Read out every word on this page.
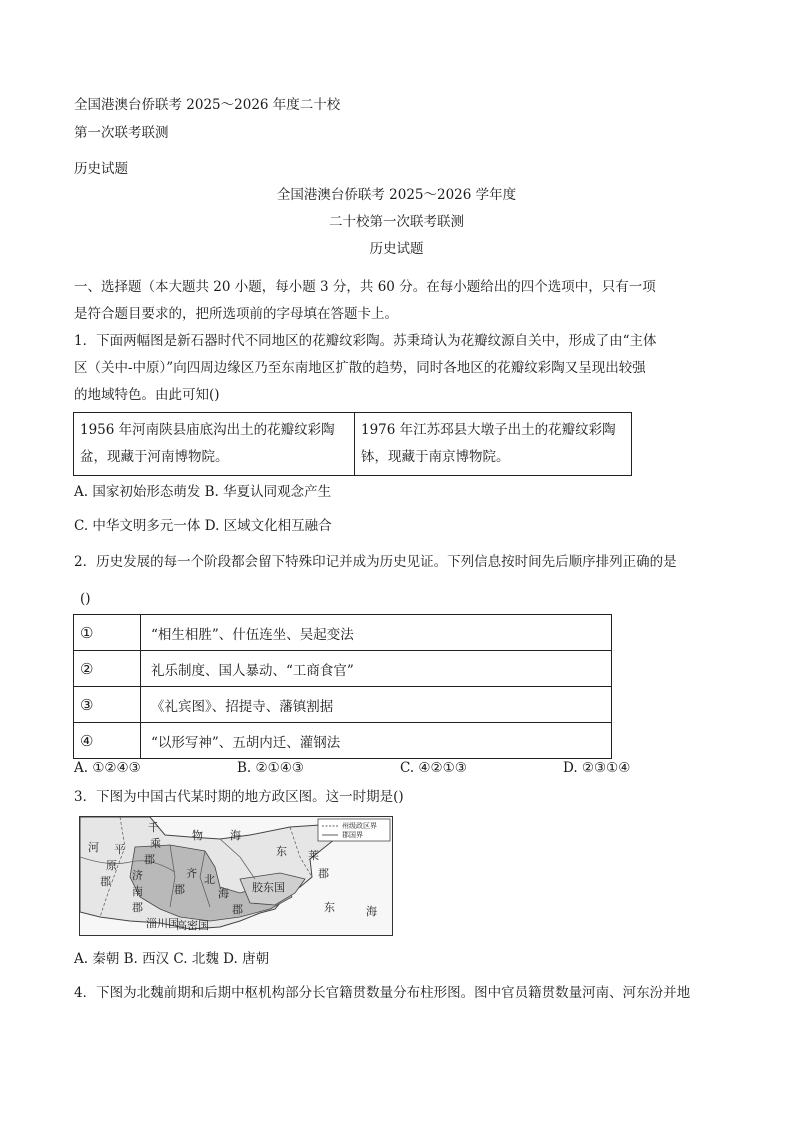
全国港澳台侨联考 2025～2026 年度二十校
第一次联考联测
历史试题
全国港澳台侨联考 2025～2026 学年度
二十校第一次联考联测
历史试题
一、选择题（本大题共 20 小题，每小题 3 分，共 60 分。在每小题给出的四个选项中，只有一项
是符合题目要求的，把所选项前的字母填在答题卡上。
1．下面两幅图是新石器时代不同地区的花瓣纹彩陶。苏秉琦认为花瓣纹源自关中，形成了由“主体
区（关中-中原）”向四周边缘区乃至东南地区扩散的趋势，同时各地区的花瓣纹彩陶又呈现出较强
的地域特色。由此可知()
1956 年河南陕县庙底沟出土的花瓣纹彩陶
盆，现藏于河南博物院。

1976 年江苏邳县大墩子出土的花瓣纹彩陶
钵，现藏于南京博物院。
A. 国家初始形态萌发 B. 华夏认同观念产生
C. 中华文明多元一体 D. 区域文化相互融合
2．历史发展的每一个阶段都会留下特殊印记并成为历史见证。下列信息按时间先后顺序排列正确的是
()
①	“相生相胜”、什伍连坐、吴起变法
②	礼乐制度、国人暴动、“工商食官”
③	《礼宾图》、招提寺、藩镇割据
④	“以形写神”、五胡内迁、灌钢法
A. ①②④③	B. ②①④③	C. ④②①③	D. ②③①④
3．下图为中国古代某时期的地方政区图。这一时期是()
州级政区界
郡国界
河 平
原
郡
千
乘
郡
济
南
郡
齐
郡
北
海
郡
物 海
东 莱
郡
胶东国
淄川国
高密国
东	海
A. 秦朝 B. 西汉 C. 北魏 D. 唐朝
4．下图为北魏前期和后期中枢机构部分长官籍贯数量分布柱形图。图中官员籍贯数量河南、河东汾并地
